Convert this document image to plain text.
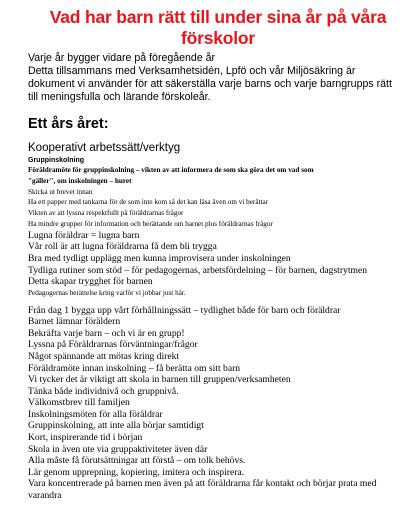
Vad har barn rätt till under sina år på våra förskolor
Varje år bygger vidare på föregående år
Detta tillsammans med Verksamhetsidén, Lpfö och vår Miljösäkring är
dokument vi använder för att säkerställa varje barns och varje barngrupps rätt
till meningsfulla och lärande förskoleår.
Ett års året:
Kooperativt arbetssätt/verktyg
Gruppinskolning
Föräldramöte för gruppinskolning – vikten av att informera de som ska göra det om vad som
"gäller", om inskolningen – huret
Skicka ut brevet innan
Ha ett papper med tankarna för de som inte kom så det kan läsa även om vi berättar
Vikten av att lyssna respektfullt på föräldrarnas frågor
Ha mindre grupper för information och berättande om barnet plus föräldrarnas frågor
Lugna föräldrar = lugna barn
Vår roll är att lugna föräldrarna få dem bli trygga
Bra med tydligt upplägg men kunna improvisera under inskolningen
Tydliga rutiner som stöd – för pedagogernas, arbetsfördelning – för barnen, dagstrytmen
Detta skapar trygghet för barnen
Pedagogernas berättelse kring varför vi jobbar just här.
Från dag 1 bygga upp vårt förhållningssätt – tydlighet både för barn och föräldrar
Barnet lämnar föräldern
Bekräfta varje barn – och vi är en grupp!
Lyssna på Föräldrarnas förväntningar/frågor
Något spännande att mötas kring direkt
Föräldramöte innan inskolning – få berätta om sitt barn
Vi tycker det är viktigt att skola in barnen till gruppen/verksamheten
Tänka både individnivå och gruppnivå.
Välkomstbrev till familjen
Inskolningsmöten för alla föräldrar
Gruppinskolning, att inte alla börjar samtidigt
Kort, inspirerande tid i början
Skola in även ute via gruppaktiviteter även där
Alla måste få förutsättningar att förstå – om tolk behövs.
Lär genom upprepning, kopiering, imitera och inspirera.
Vara koncentrerade på barnen men även på att föräldrarna får kontakt och börjar prata med
varandra
